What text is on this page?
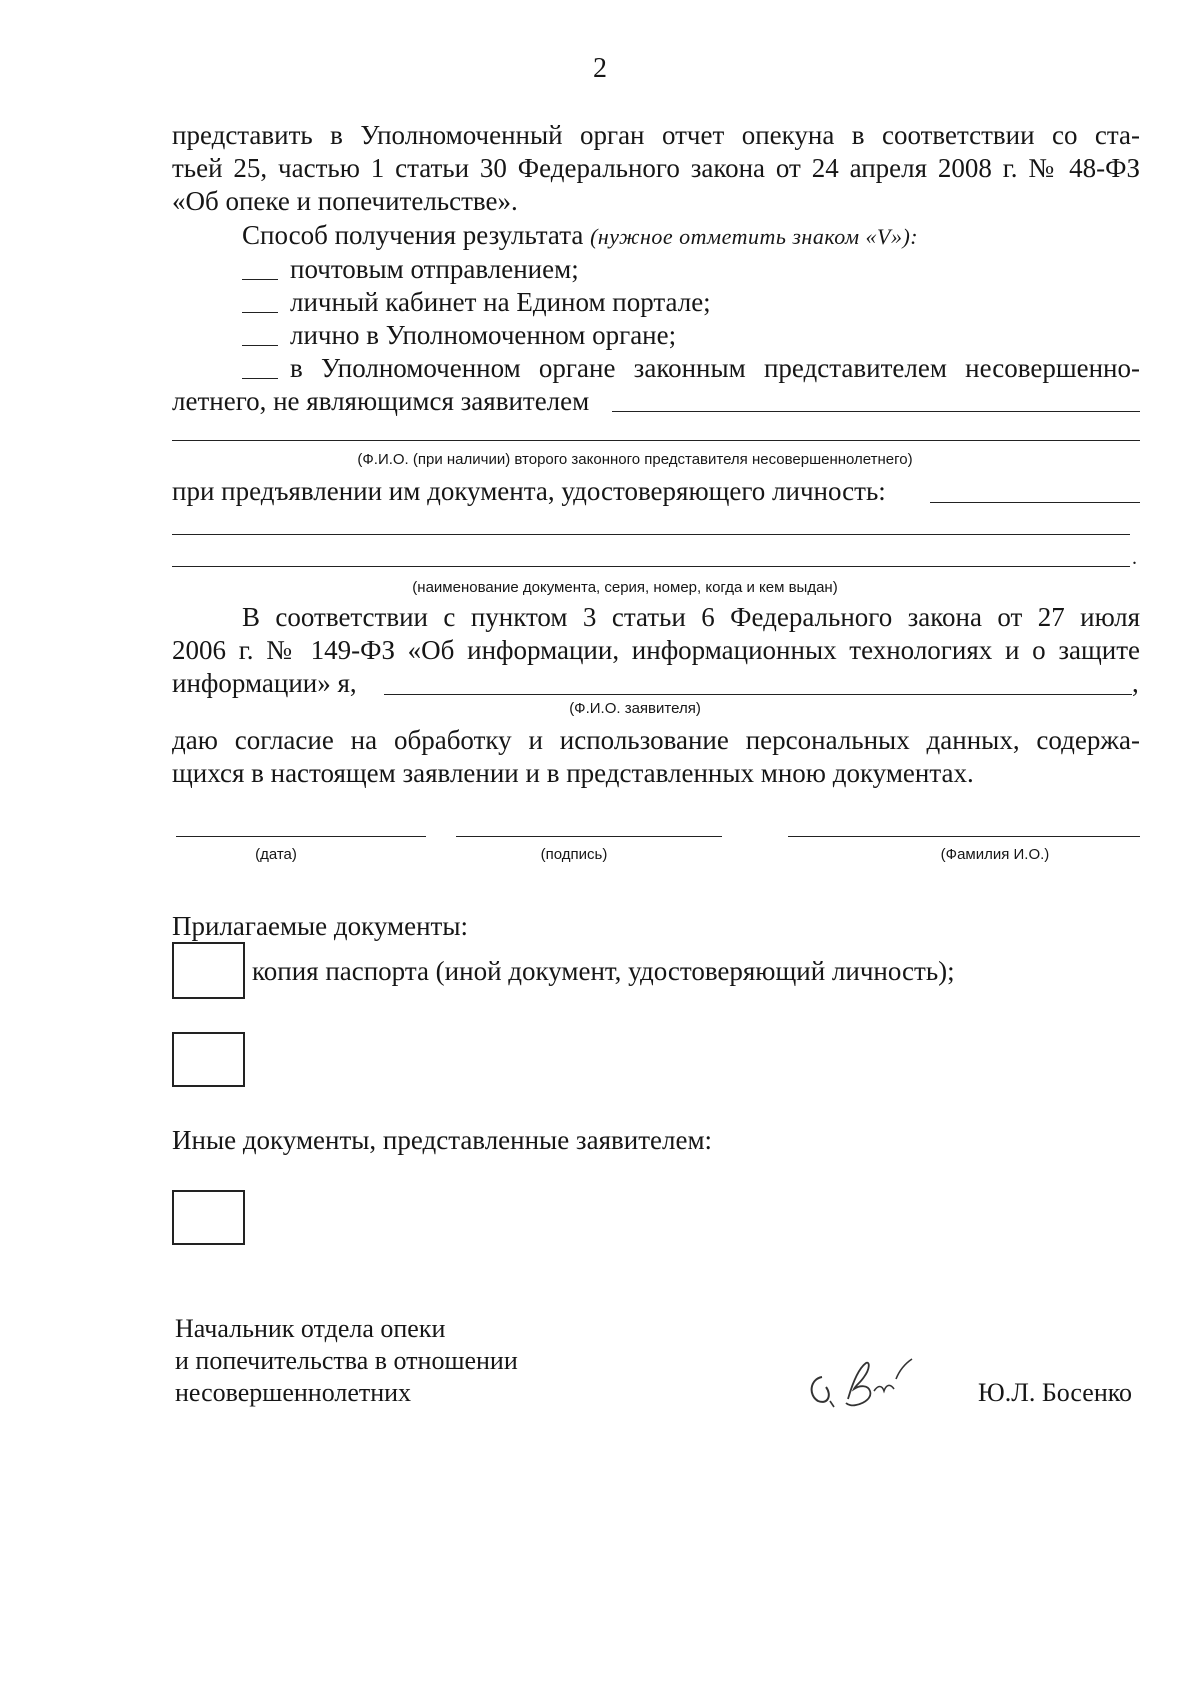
2
представить в Уполномоченный орган отчет опекуна в соответствии со ста-
тьей 25, частью 1 статьи 30 Федерального закона от 24 апреля 2008 г. № 48-ФЗ
«Об опеке и попечительстве».
Способ получения результата (нужное отметить знаком «V»):
почтовым отправлением;
личный кабинет на Едином портале;
лично в Уполномоченном органе;
в Уполномоченном органе законным представителем несовершенно-
летнего, не являющимся заявителем
(Ф.И.О. (при наличии) второго законного представителя несовершеннолетнего)
при предъявлении им документа, удостоверяющего личность:
.
(наименование документа, серия, номер, когда и кем выдан)
В соответствии с пунктом 3 статьи 6 Федерального закона от 27 июля
2006 г. № 149-ФЗ «Об информации, информационных технологиях и о защите
информации» я,	,
(Ф.И.О. заявителя)
даю согласие на обработку и использование персональных данных, содержа-
щихся в настоящем заявлении и в представленных мною документах.
(дата)	(подпись)	(Фамилия И.О.)
Прилагаемые документы:
копия паспорта (иной документ, удостоверяющий личность);
Иные документы, представленные заявителем:
Начальник отдела опеки
и попечительства в отношении
несовершеннолетних	Ю.Л. Босенко
